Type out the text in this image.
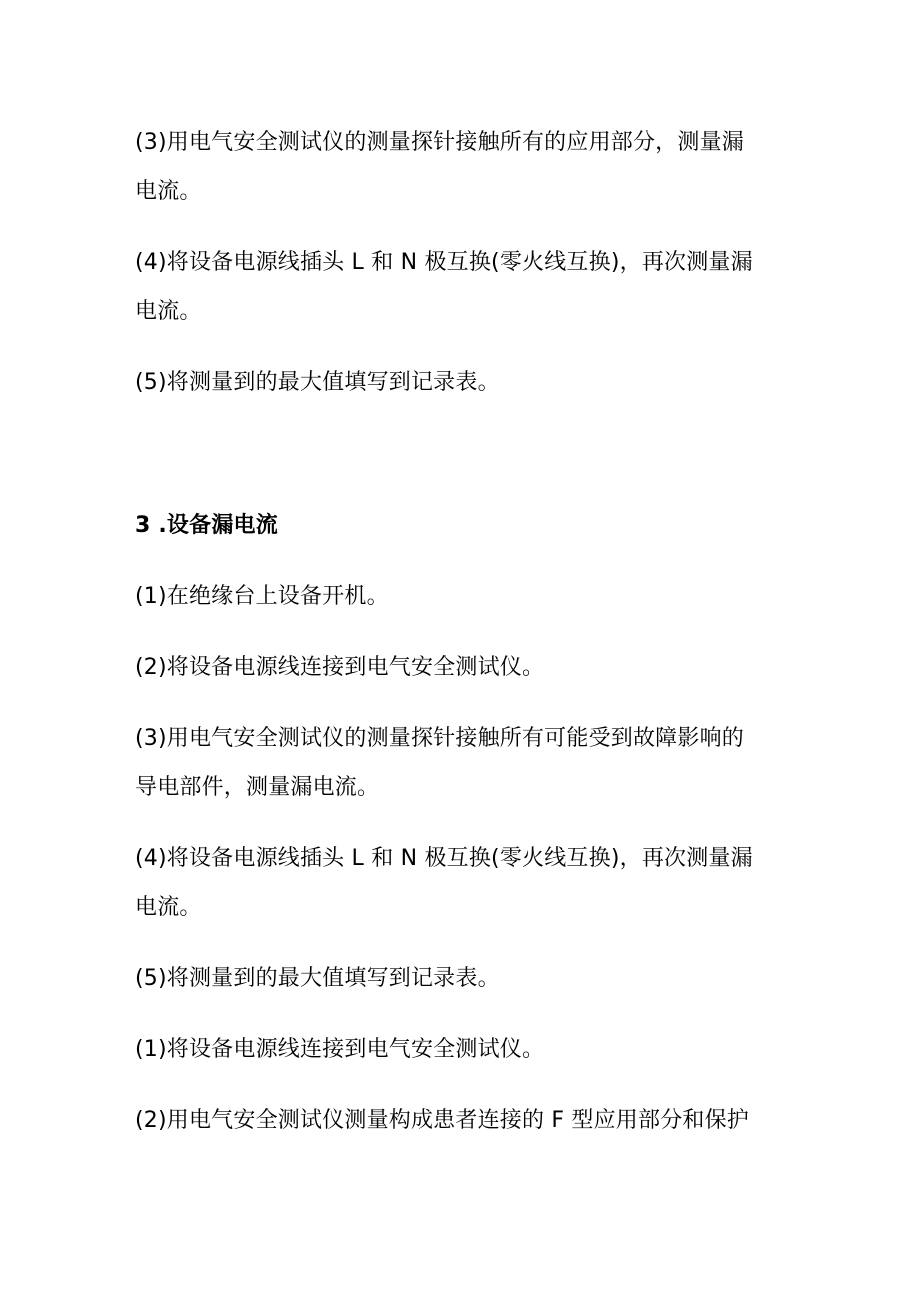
(3)用电气安全测试仪的测量探针接触所有的应用部分，测量漏
电流。
(4)将设备电源线插头 L 和 N 极互换(零火线互换)，再次测量漏
电流。
(5)将测量到的最大值填写到记录表。
3 .设备漏电流
(1)在绝缘台上设备开机。
(2)将设备电源线连接到电气安全测试仪。
(3)用电气安全测试仪的测量探针接触所有可能受到故障影响的
导电部件，测量漏电流。
(4)将设备电源线插头 L 和 N 极互换(零火线互换)，再次测量漏
电流。
(5)将测量到的最大值填写到记录表。
(1)将设备电源线连接到电气安全测试仪。
(2)用电气安全测试仪测量构成患者连接的 F 型应用部分和保护
